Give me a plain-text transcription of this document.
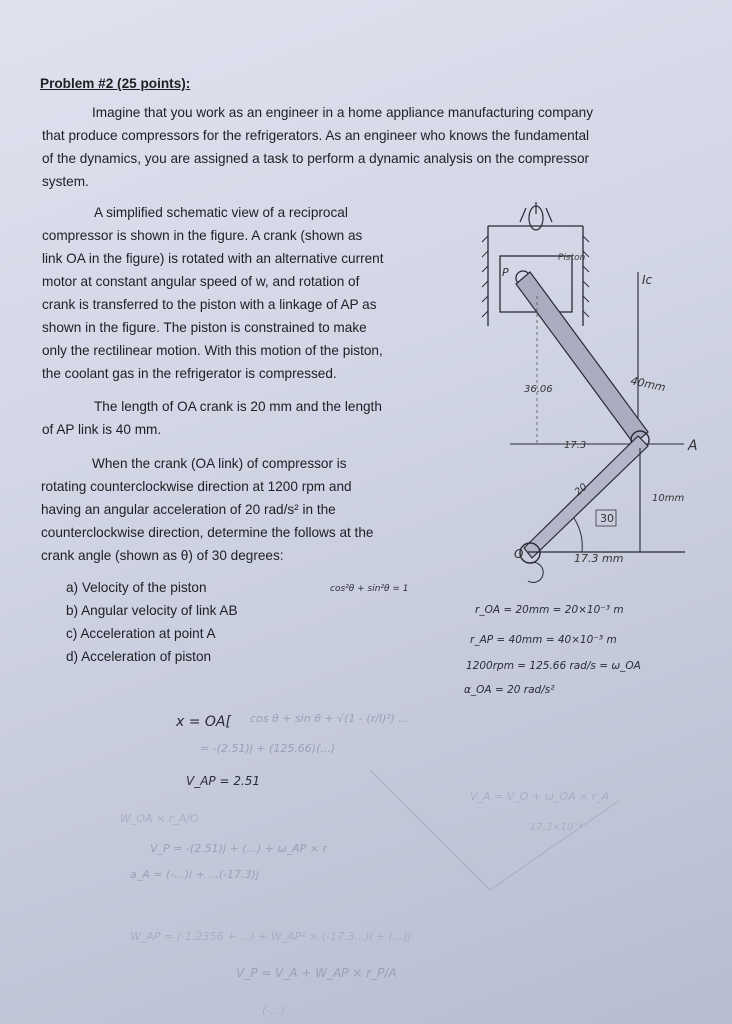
Problem #2 (25 points):
Imagine that you work as an engineer in a home appliance manufacturing company
that produce compressors for the refrigerators. As an engineer who knows the fundamental
of the dynamics, you are assigned a task to perform a dynamic analysis on the compressor
system.
A simplified schematic view of a reciprocal
compressor is shown in the figure. A crank (shown as
link OA in the figure) is rotated with an alternative current
motor at constant angular speed of w, and rotation of
crank is transferred to the piston with a linkage of AP as
shown in the figure. The piston is constrained to make
only the rectilinear motion. With this motion of the piston,
the coolant gas in the refrigerator is compressed.
The length of OA crank is 20 mm and the length
of AP link is 40 mm.
When the crank (OA link) of compressor is
rotating counterclockwise direction at 1200 rpm and
having an angular acceleration of 20 rad/s² in the
counterclockwise direction, determine the follows at the
crank angle (shown as θ) of 30 degrees:
a) Velocity of the piston
b) Angular velocity of link AB
c) Acceleration at point A
d) Acceleration of piston
Piston
P
Ic
40mm
36.06
17.3	A
20
10mm
30
O	17.3 mm
cos²θ + sin²θ = 1
r_OA = 20mm = 20×10⁻³ m
r_AP = 40mm = 40×10⁻³ m
1200rpm = 125.66 rad/s = ω_OA
α_OA = 20 rad/s²
x = OA[
V_AP = 2.51
cos θ + sin θ + √(1 - (r/l)²) ...
= -(2.51)j + (125.66)(...)
V_A = V_O + ω_OA × r_A
V_P = -(2.51)j + (...) + ω_AP × r
a_A = (-...)i + ...(-17.3)j
W_AP = (-1.2356 + ...) + W_AP² × (-17.3...)i + (...)j
V_P = V_A + W_AP × r_P/A
W_OA × r_A/O
17.3×10⁻³
(-...)
